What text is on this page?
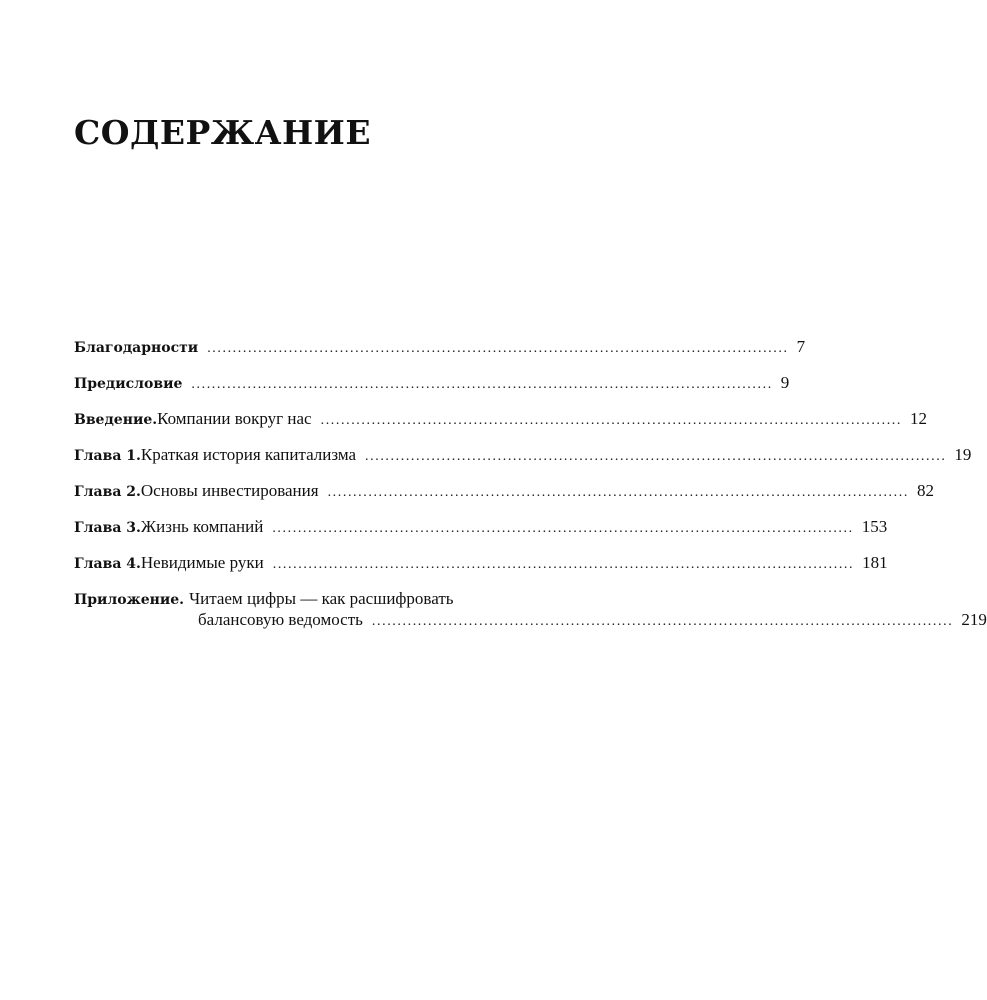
СОДЕРЖАНИЕ
Благодарности .................................................................................................................. 7
Предисловие .................................................................................................................. 9
Введение. Компании вокруг нас .................................................................................................................. 12
Глава 1. Краткая история капитализма .................................................................................................................. 19
Глава 2. Основы инвестирования .................................................................................................................. 82
Глава 3. Жизнь компаний .................................................................................................................. 153
Глава 4. Невидимые руки .................................................................................................................. 181
Приложение. Читаем цифры — как расшифровать
балансовую ведомость .................................................................................................................. 219
